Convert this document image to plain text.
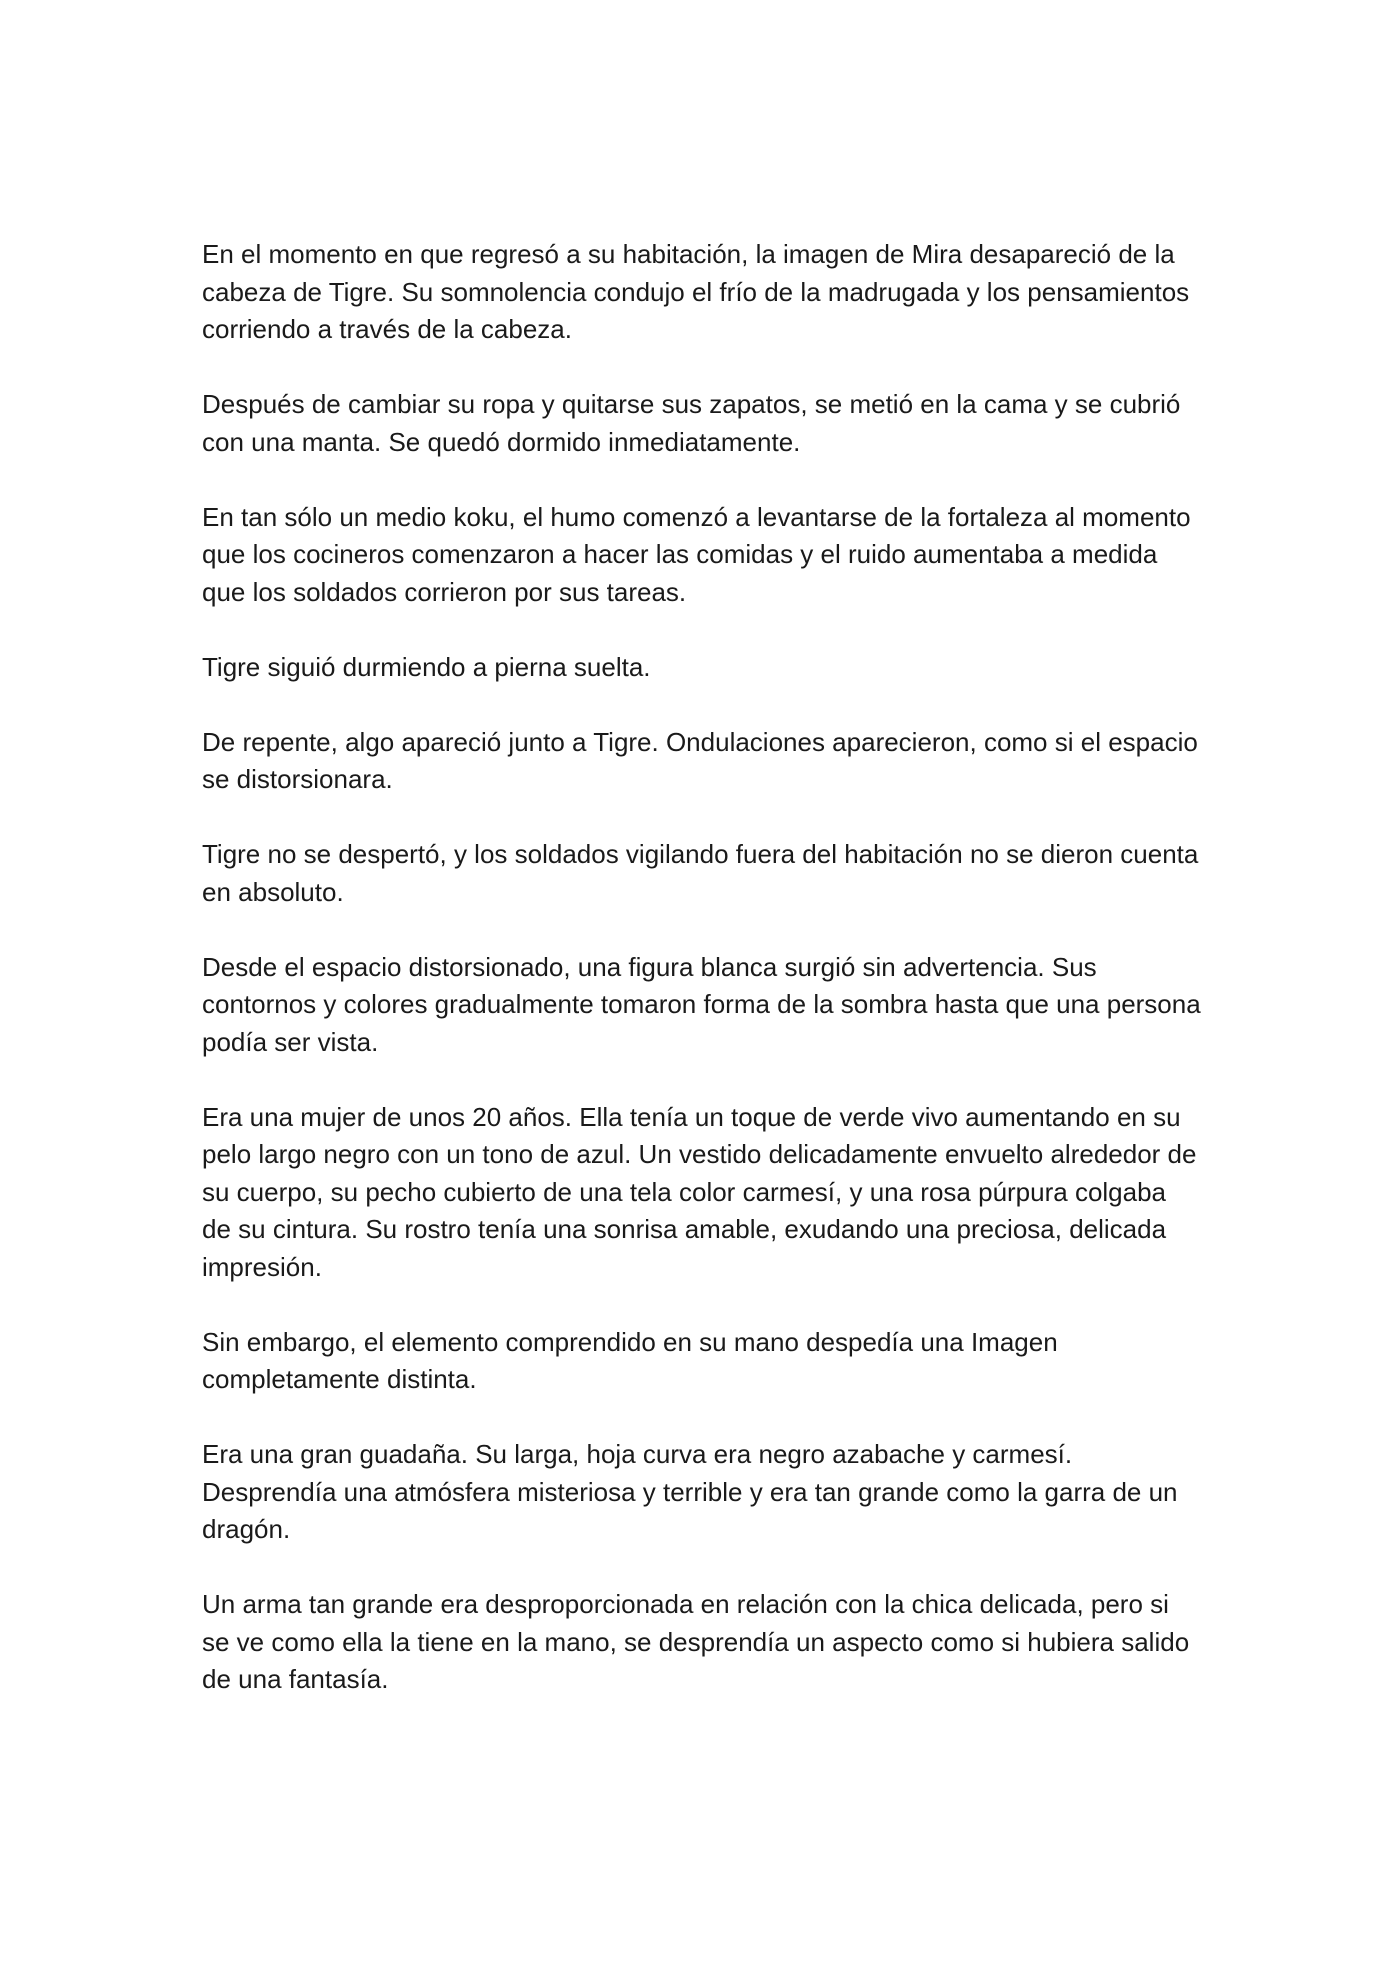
En el momento en que regresó a su habitación, la imagen de Mira desapareció de la cabeza de Tigre. Su somnolencia condujo el frío de la madrugada y los pensamientos corriendo a través de la cabeza.

Después de cambiar su ropa y quitarse sus zapatos, se metió en la cama y se cubrió con una manta. Se quedó dormido inmediatamente.

En tan sólo un medio koku, el humo comenzó a levantarse de la fortaleza al momento que los cocineros comenzaron a hacer las comidas y el ruido aumentaba a medida que los soldados corrieron por sus tareas.

Tigre siguió durmiendo a pierna suelta.

De repente, algo apareció junto a Tigre. Ondulaciones aparecieron, como si el espacio se distorsionara.

Tigre no se despertó, y los soldados vigilando fuera del habitación no se dieron cuenta en absoluto.

Desde el espacio distorsionado, una figura blanca surgió sin advertencia. Sus contornos y colores gradualmente tomaron forma de la sombra hasta que una persona podía ser vista.

Era una mujer de unos 20 años. Ella tenía un toque de verde vivo aumentando en su pelo largo negro con un tono de azul. Un vestido delicadamente envuelto alrededor de su cuerpo, su pecho cubierto de una tela color carmesí, y una rosa púrpura colgaba de su cintura. Su rostro tenía una sonrisa amable, exudando una preciosa, delicada impresión.

Sin embargo, el elemento comprendido en su mano despedía una Imagen completamente distinta.

Era una gran guadaña. Su larga, hoja curva era negro azabache y carmesí. Desprendía una atmósfera misteriosa y terrible y era tan grande como la garra de un dragón.

Un arma tan grande era desproporcionada en relación con la chica delicada, pero si se ve como ella la tiene en la mano, se desprendía un aspecto como si hubiera salido de una fantasía.
